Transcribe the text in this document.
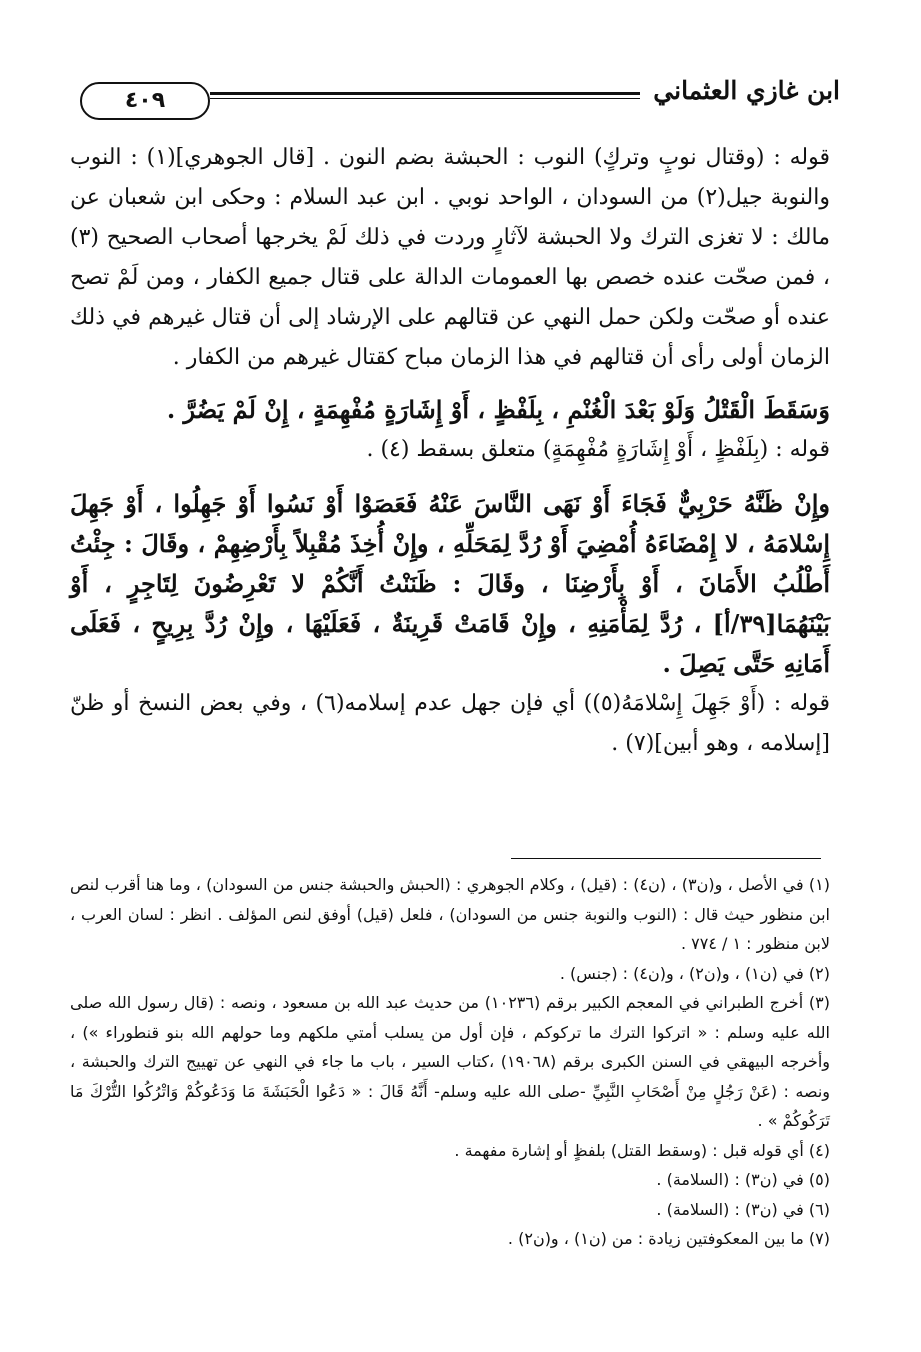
٤٠٩	ابن غازي العثماني

قوله : (وقتال نوبٍ وتركٍ) النوب : الحبشة بضم النون . [قال الجوهري](١) : النوب والنوبة جيل(٢) من السودان ، الواحد نوبي . ابن عبد السلام : وحكى ابن شعبان عن مالك : لا تغزى الترك ولا الحبشة لآثارٍ وردت في ذلك لَمْ يخرجها أصحاب الصحيح (٣) ، فمن صحّت عنده خصص بها العمومات الدالة على قتال جميع الكفار ، ومن لَمْ تصح عنده أو صحّت ولكن حمل النهي عن قتالهم على الإرشاد إلى أن قتال غيرهم في ذلك الزمان أولى رأى أن قتالهم في هذا الزمان مباح كقتال غيرهم من الكفار .

وَسَقَطَ الْقَتْلُ وَلَوْ بَعْدَ الْغُنْمِ ، بِلَفْظٍ ، أَوْ إِشَارَةٍ مُفْهِمَةٍ ، إِنْ لَمْ يَضُرَّ .

قوله : (بِلَفْظٍ ، أَوْ إِشَارَةٍ مُفْهِمَةٍ) متعلق بسقط (٤) .

وإِنْ ظَنَّهُ حَرْبِيٌّ فَجَاءَ أَوْ نَهَى النَّاسَ عَنْهُ فَعَصَوْا أَوْ نَسُوا أَوْ جَهِلُوا ، أَوْ جَهِلَ إِسْلامَهُ ، لا إِمْضَاءَهُ أُمْضِيَ أَوْ رُدَّ لِمَحَلِّهِ ، وإِنْ أُخِذَ مُقْبِلاً بِأَرْضِهِمْ ، وقَالَ : جِئْتُ أَطْلُبُ الأَمَانَ ، أَوْ بِأَرْضِنَا ، وقَالَ : ظَنَنْتُ أَنَّكُمْ لا تَعْرِضُونَ لِتَاجِرٍ ، أَوْ بَيْنَهُمَا[٣٩/أ] ، رُدَّ لِمَأْمَنِهِ ، وإِنْ قَامَتْ قَرِينَةٌ ، فَعَلَيْهَا ، وإِنْ رُدَّ بِرِيحٍ ، فَعَلَى أَمَانِهِ حَتَّى يَصِلَ .

قوله : (أَوْ جَهِلَ إِسْلامَهُ(٥)) أي فإن جهل عدم إسلامه(٦) ، وفي بعض النسخ أو ظنّ [إسلامه ، وهو أبين](٧) .

(١) في الأصل ، و(ن٣) ، (ن٤) : (قيل) ، وكلام الجوهري : (الحبش والحبشة جنس من السودان) ، وما هنا أقرب لنص ابن منظور حيث قال : (النوب والنوبة جنس من السودان) ، فلعل (قيل) أوفق لنص المؤلف . انظر : لسان العرب ، لابن منظور : ١ / ٧٧٤ .

(٢) في (ن١) ، و(ن٢) ، و(ن٤) : (جنس) .

(٣) أخرج الطبراني في المعجم الكبير برقم (١٠٢٣٦) من حديث عبد الله بن مسعود ، ونصه : (قال رسول الله صلى الله عليه وسلم : « اتركوا الترك ما تركوكم ، فإن أول من يسلب أمتي ملكهم وما حولهم الله بنو قنطوراء ») ، وأخرجه البيهقي في السنن الكبرى برقم (١٩٠٦٨) ،كتاب السير ، باب ما جاء في النهي عن تهييج الترك والحبشة ، ونصه : (عَنْ رَجُلٍ مِنْ أَصْحَابِ النَّبِيِّ -صلى الله عليه وسلم- أَنَّهُ قَالَ : « دَعُوا الْحَبَشَةَ مَا وَدَعُوكُمْ وَاتْرُكُوا التُّرْكَ مَا تَرَكُوكُمْ » .

(٤) أي قوله قبل : (وسقط القتل) بلفظٍ أو إشارة مفهمة .

(٥) في (ن٣) : (السلامة) .

(٦) في (ن٣) : (السلامة) .

(٧) ما بين المعكوفتين زيادة : من (ن١) ، و(ن٢) .
